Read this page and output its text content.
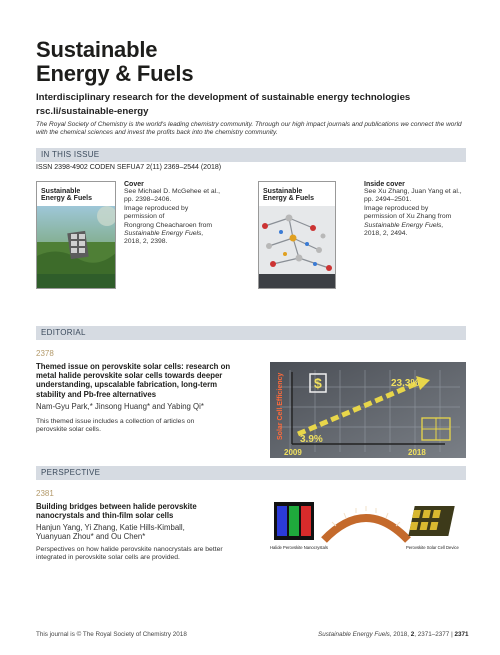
Sustainable
Energy & Fuels
Interdisciplinary research for the development of sustainable energy technologies
rsc.li/sustainable-energy
The Royal Society of Chemistry is the world's leading chemistry community. Through our high impact journals and publications we connect the world with the chemical sciences and invest the profits back into the chemistry community.
IN THIS ISSUE
ISSN 2398-4902 CODEN SEFUA7 2(11) 2369–2544 (2018)
Sustainable
Energy & Fuels
Cover
See Michael D. McGehee et al.,
pp. 2398–2406.
Image reproduced by
permission of
Rongrong Cheacharoen from
Sustainable Energy Fuels,
2018, 2, 2398.
Sustainable
Energy & Fuels
Inside cover
See Xu Zhang, Juan Yang et al.,
pp. 2494–2501.
Image reproduced by
permission of Xu Zhang from
Sustainable Energy Fuels,
2018, 2, 2494.
EDITORIAL
2378
Themed issue on perovskite solar cells: research on
metal halide perovskite solar cells towards deeper
understanding, upscalable fabrication, long-term
stability and Pb-free alternatives
Nam-Gyu Park,* Jinsong Huang* and Yabing Qi*
This themed issue includes a collection of articles on
perovskite solar cells.
$	23.3%
3.9%
2009	2018
Solar Cell Efficiency
PERSPECTIVE
2381
Building bridges between halide perovskite
nanocrystals and thin-film solar cells
Hanjun Yang, Yi Zhang, Katie Hills-Kimball,
Yuanyuan Zhou* and Ou Chen*
Perspectives on how halide perovskite nanocrystals are better
integrated in perovskite solar cells are provided.
Halide Perovskite Nanocrystals	Perovskite Solar Cell Device
This journal is © The Royal Society of Chemistry 2018	Sustainable Energy Fuels, 2018, 2, 2371–2377 | 2371
